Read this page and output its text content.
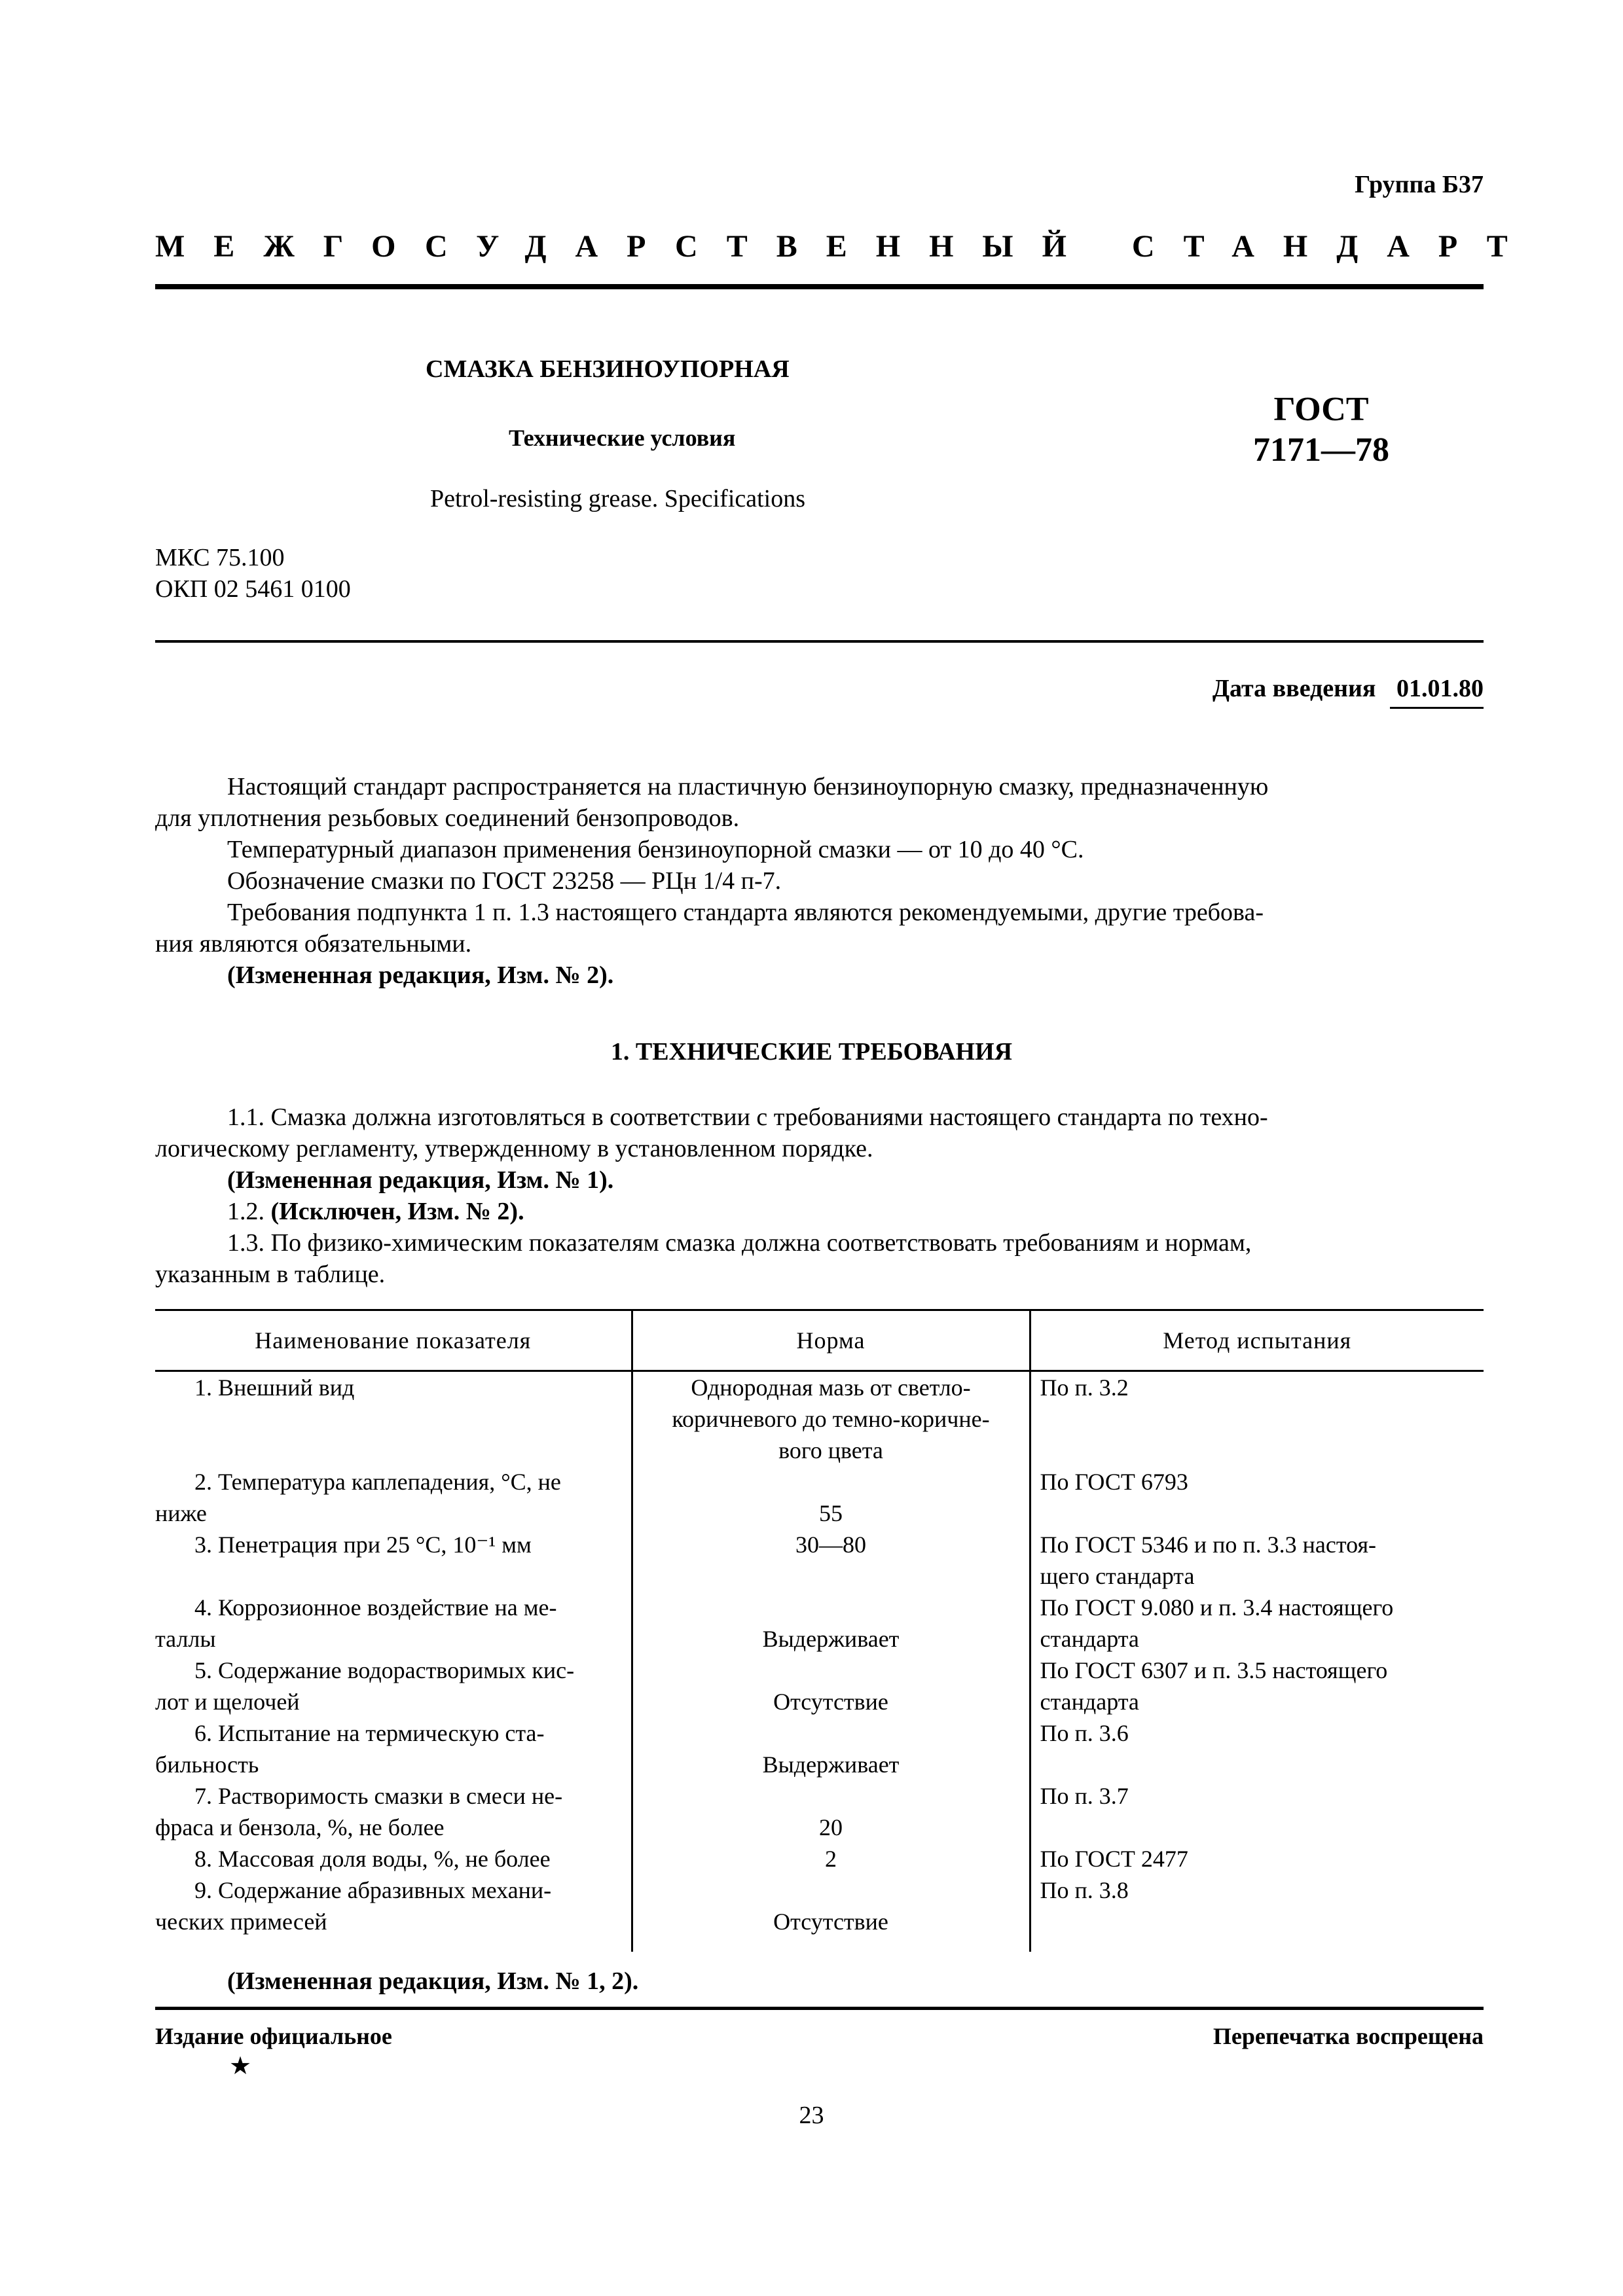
Группа Б37
МЕЖГОСУДАРСТВЕННЫЙ СТАНДАРТ
СМАЗКА БЕНЗИНОУПОРНАЯ
Технические условия
Petrol-resisting grease. Specifications
ГОСТ
7171—78
МКС 75.100
ОКП 02 5461 0100
Дата введения 01.01.80
Настоящий стандарт распространяется на пластичную бензиноупорную смазку, предназначенную
для уплотнения резьбовых соединений бензопроводов.
Температурный диапазон применения бензиноупорной смазки — от 10 до 40 °С.
Обозначение смазки по ГОСТ 23258 — РЦн 1/4 п-7.
Требования подпункта 1 п. 1.3 настоящего стандарта являются рекомендуемыми, другие требова-
ния являются обязательными.
(Измененная редакция, Изм. № 2).
1. ТЕХНИЧЕСКИЕ ТРЕБОВАНИЯ
1.1. Смазка должна изготовляться в соответствии с требованиями настоящего стандарта по техно-
логическому регламенту, утвержденному в установленном порядке.
(Измененная редакция, Изм. № 1).
1.2. (Исключен, Изм. № 2).
1.3. По физико-химическим показателям смазка должна соответствовать требованиям и нормам,
указанным в таблице.
Наименование показателя	Норма	Метод испытания

1. Внешний вид	Однородная мазь от светло-
коричневого до темно-коричне-
вого цвета	По п. 3.2

2. Температура каплепадения, °С, не
ниже	55	По ГОСТ 6793

3. Пенетрация при 25 °С, 10⁻¹ мм	30—80	По ГОСТ 5346 и по п. 3.3 настоя-
щего стандарта

4. Коррозионное воздействие на ме-
таллы	Выдерживает	По ГОСТ 9.080 и п. 3.4 настоящего
стандарта

5. Содержание водорастворимых кис-
лот и щелочей	Отсутствие	По ГОСТ 6307 и п. 3.5 настоящего
стандарта

6. Испытание на термическую ста-
бильность	Выдерживает	По п. 3.6

7. Растворимость смазки в смеси не-
фраса и бензола, %, не более	20	По п. 3.7

8. Массовая доля воды, %, не более	2	По ГОСТ 2477

9. Содержание абразивных механи-
ческих примесей	Отсутствие	По п. 3.8
(Измененная редакция, Изм. № 1, 2).
Издание официальное
★
Перепечатка воспрещена
23
